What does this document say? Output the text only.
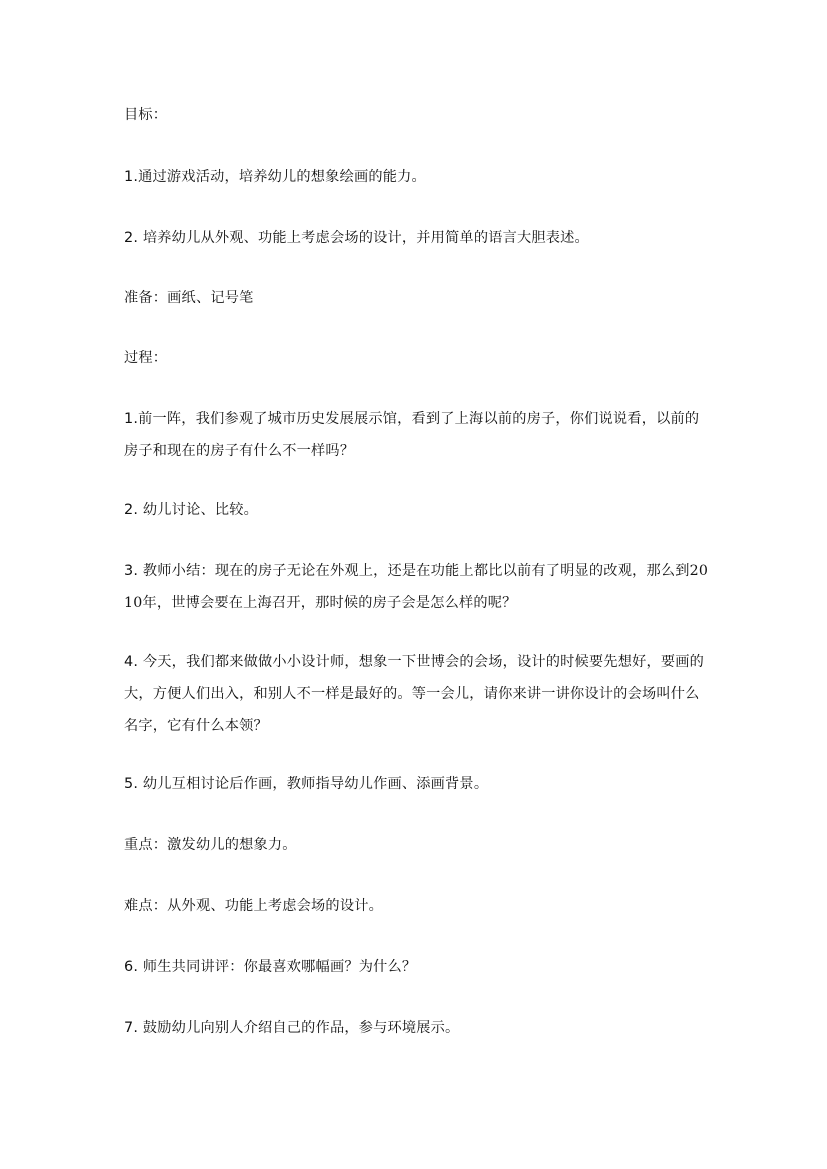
目标：

1.通过游戏活动，培养幼儿的想象绘画的能力。

2. 培养幼儿从外观、功能上考虑会场的设计，并用简单的语言大胆表述。

准备：画纸、记号笔

过程：

1.前一阵，我们参观了城市历史发展展示馆，看到了上海以前的房子，你们说说看，以前的房子和现在的房子有什么不一样吗？

2. 幼儿讨论、比较。

3. 教师小结：现在的房子无论在外观上，还是在功能上都比以前有了明显的改观，那么到2010年，世博会要在上海召开，那时候的房子会是怎么样的呢？

4. 今天，我们都来做做小小设计师，想象一下世博会的会场，设计的时候要先想好，要画的大，方便人们出入，和别人不一样是最好的。等一会儿，请你来讲一讲你设计的会场叫什么名字，它有什么本领？

5. 幼儿互相讨论后作画，教师指导幼儿作画、添画背景。

重点：激发幼儿的想象力。

难点：从外观、功能上考虑会场的设计。

6. 师生共同讲评：你最喜欢哪幅画？为什么？

7. 鼓励幼儿向别人介绍自己的作品，参与环境展示。
